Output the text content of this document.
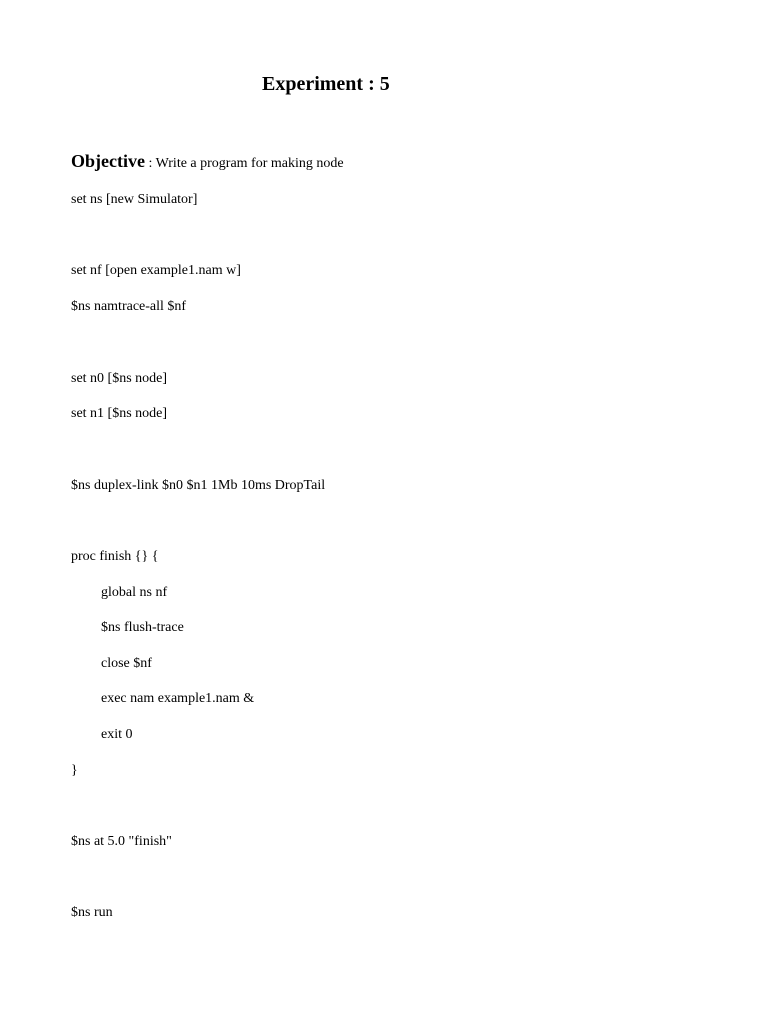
Experiment : 5

Objective : Write a program for making node

set ns [new Simulator]

set nf [open example1.nam w]

$ns namtrace-all $nf

set n0 [$ns node]

set n1 [$ns node]

$ns duplex-link $n0 $n1 1Mb 10ms DropTail

proc finish {} {

global ns nf

$ns flush-trace

close $nf

exec nam example1.nam &

exit 0

}

$ns at 5.0 "finish"

$ns run
